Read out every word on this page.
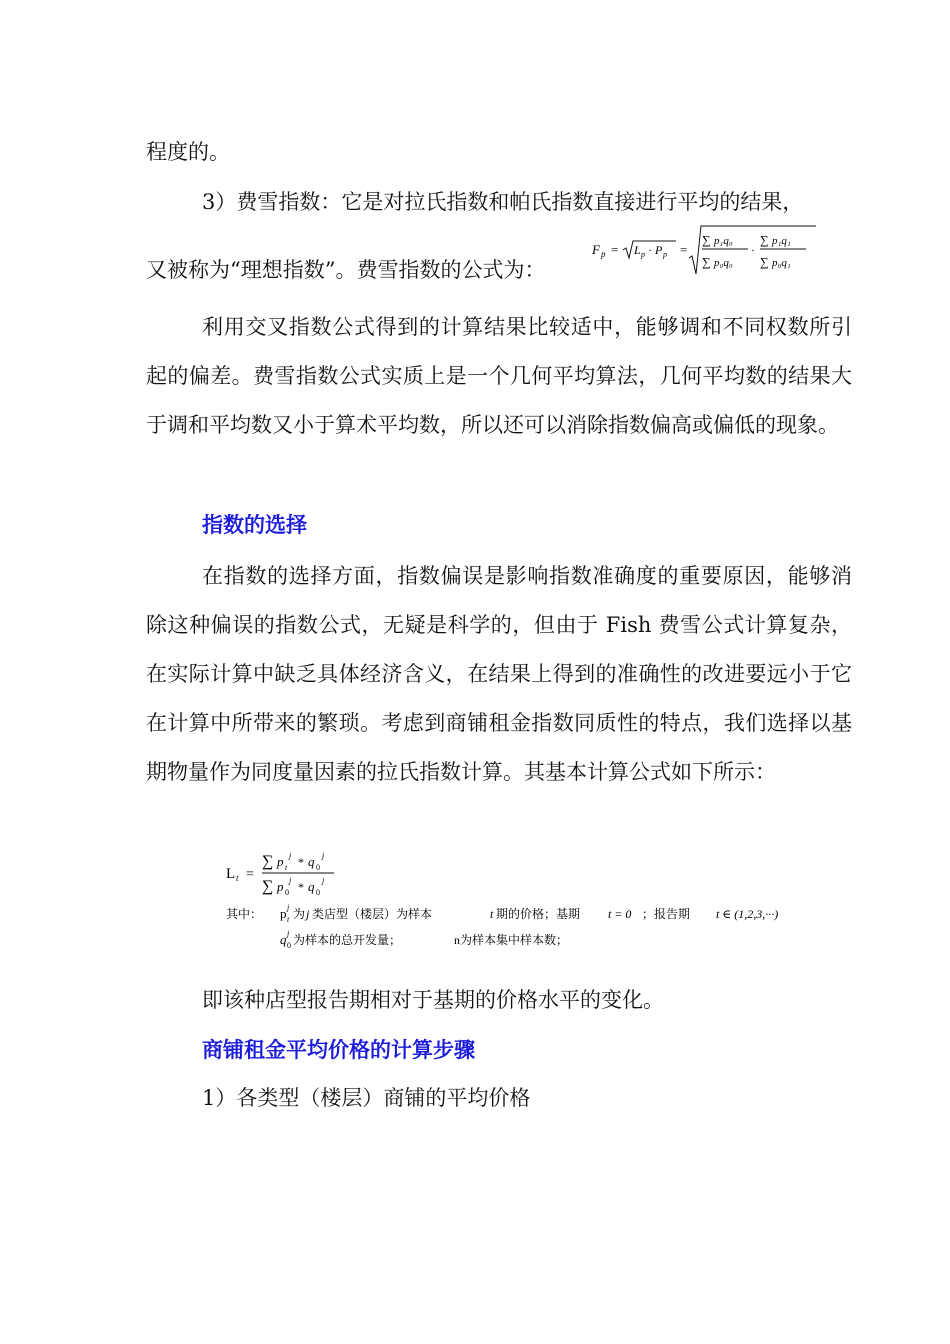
程度的。

3）费雪指数：它是对拉氏指数和帕氏指数直接进行平均的结果，

又被称为“理想指数”。费雪指数的公式为：

F p = L p · P p =
∑ p₁q₀
∑ p₀q₀
·
∑ p₁q₁
∑ p₀q₁

利用交叉指数公式得到的计算结果比较适中，能够调和不同权数所引起的偏差。费雪指数公式实质上是一个几何平均算法，几何平均数的结果大于调和平均数又小于算术平均数，所以还可以消除指数偏高或偏低的现象。

指数的选择

在指数的选择方面，指数偏误是影响指数准确度的重要原因，能够消除这种偏误的指数公式，无疑是科学的，但由于 Fish 费雪公式计算复杂，在实际计算中缺乏具体经济含义，在结果上得到的准确性的改进要远小于它在计算中所带来的繁琐。考虑到商铺租金指数同质性的特点，我们选择以基期物量作为同度量因素的拉氏指数计算。其基本计算公式如下所示：

L t =
∑ p t
j * q 0
j
∑ p 0
j * q 0
j
其中： p j
t 为 j 类店型（楼层）为样本	t 期的价格；基期 t = 0 ；报告期 t ∈ (1,2,3,···)
q j
0 为样本的总开发量；	n为样本集中样本数；

即该种店型报告期相对于基期的价格水平的变化。

商铺租金平均价格的计算步骤

1）各类型（楼层）商铺的平均价格
